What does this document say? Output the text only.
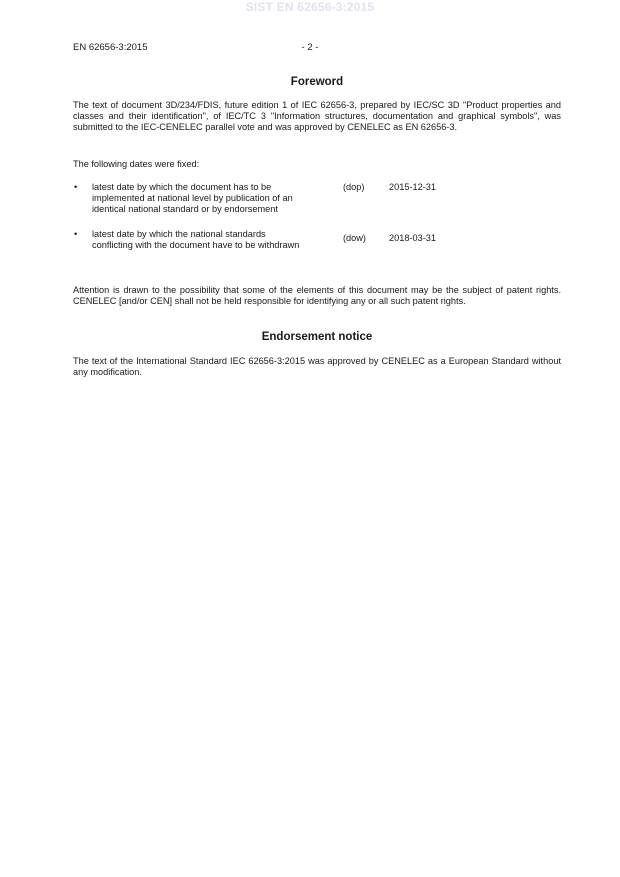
SIST EN 62656-3:2015
EN 62656-3:2015	- 2 -
Foreword

The text of document 3D/234/FDIS, future edition 1 of IEC 62656-3, prepared by IEC/SC 3D "Product properties and classes and their identification", of IEC/TC 3 "Information structures, documentation and graphical symbols", was submitted to the IEC-CENELEC parallel vote and was approved by CENELEC as EN 62656-3.

The following dates were fixed:

• latest date by which the document has to be implemented at national level by publication of an identical national standard or by endorsement
(dop)	2015-12-31
• latest date by which the national standards conflicting with the document have to be withdrawn
(dow)	2018-03-31

Attention is drawn to the possibility that some of the elements of this document may be the subject of patent rights. CENELEC [and/or CEN] shall not be held responsible for identifying any or all such patent rights.

Endorsement notice

The text of the International Standard IEC 62656-3:2015 was approved by CENELEC as a European Standard without any modification.
